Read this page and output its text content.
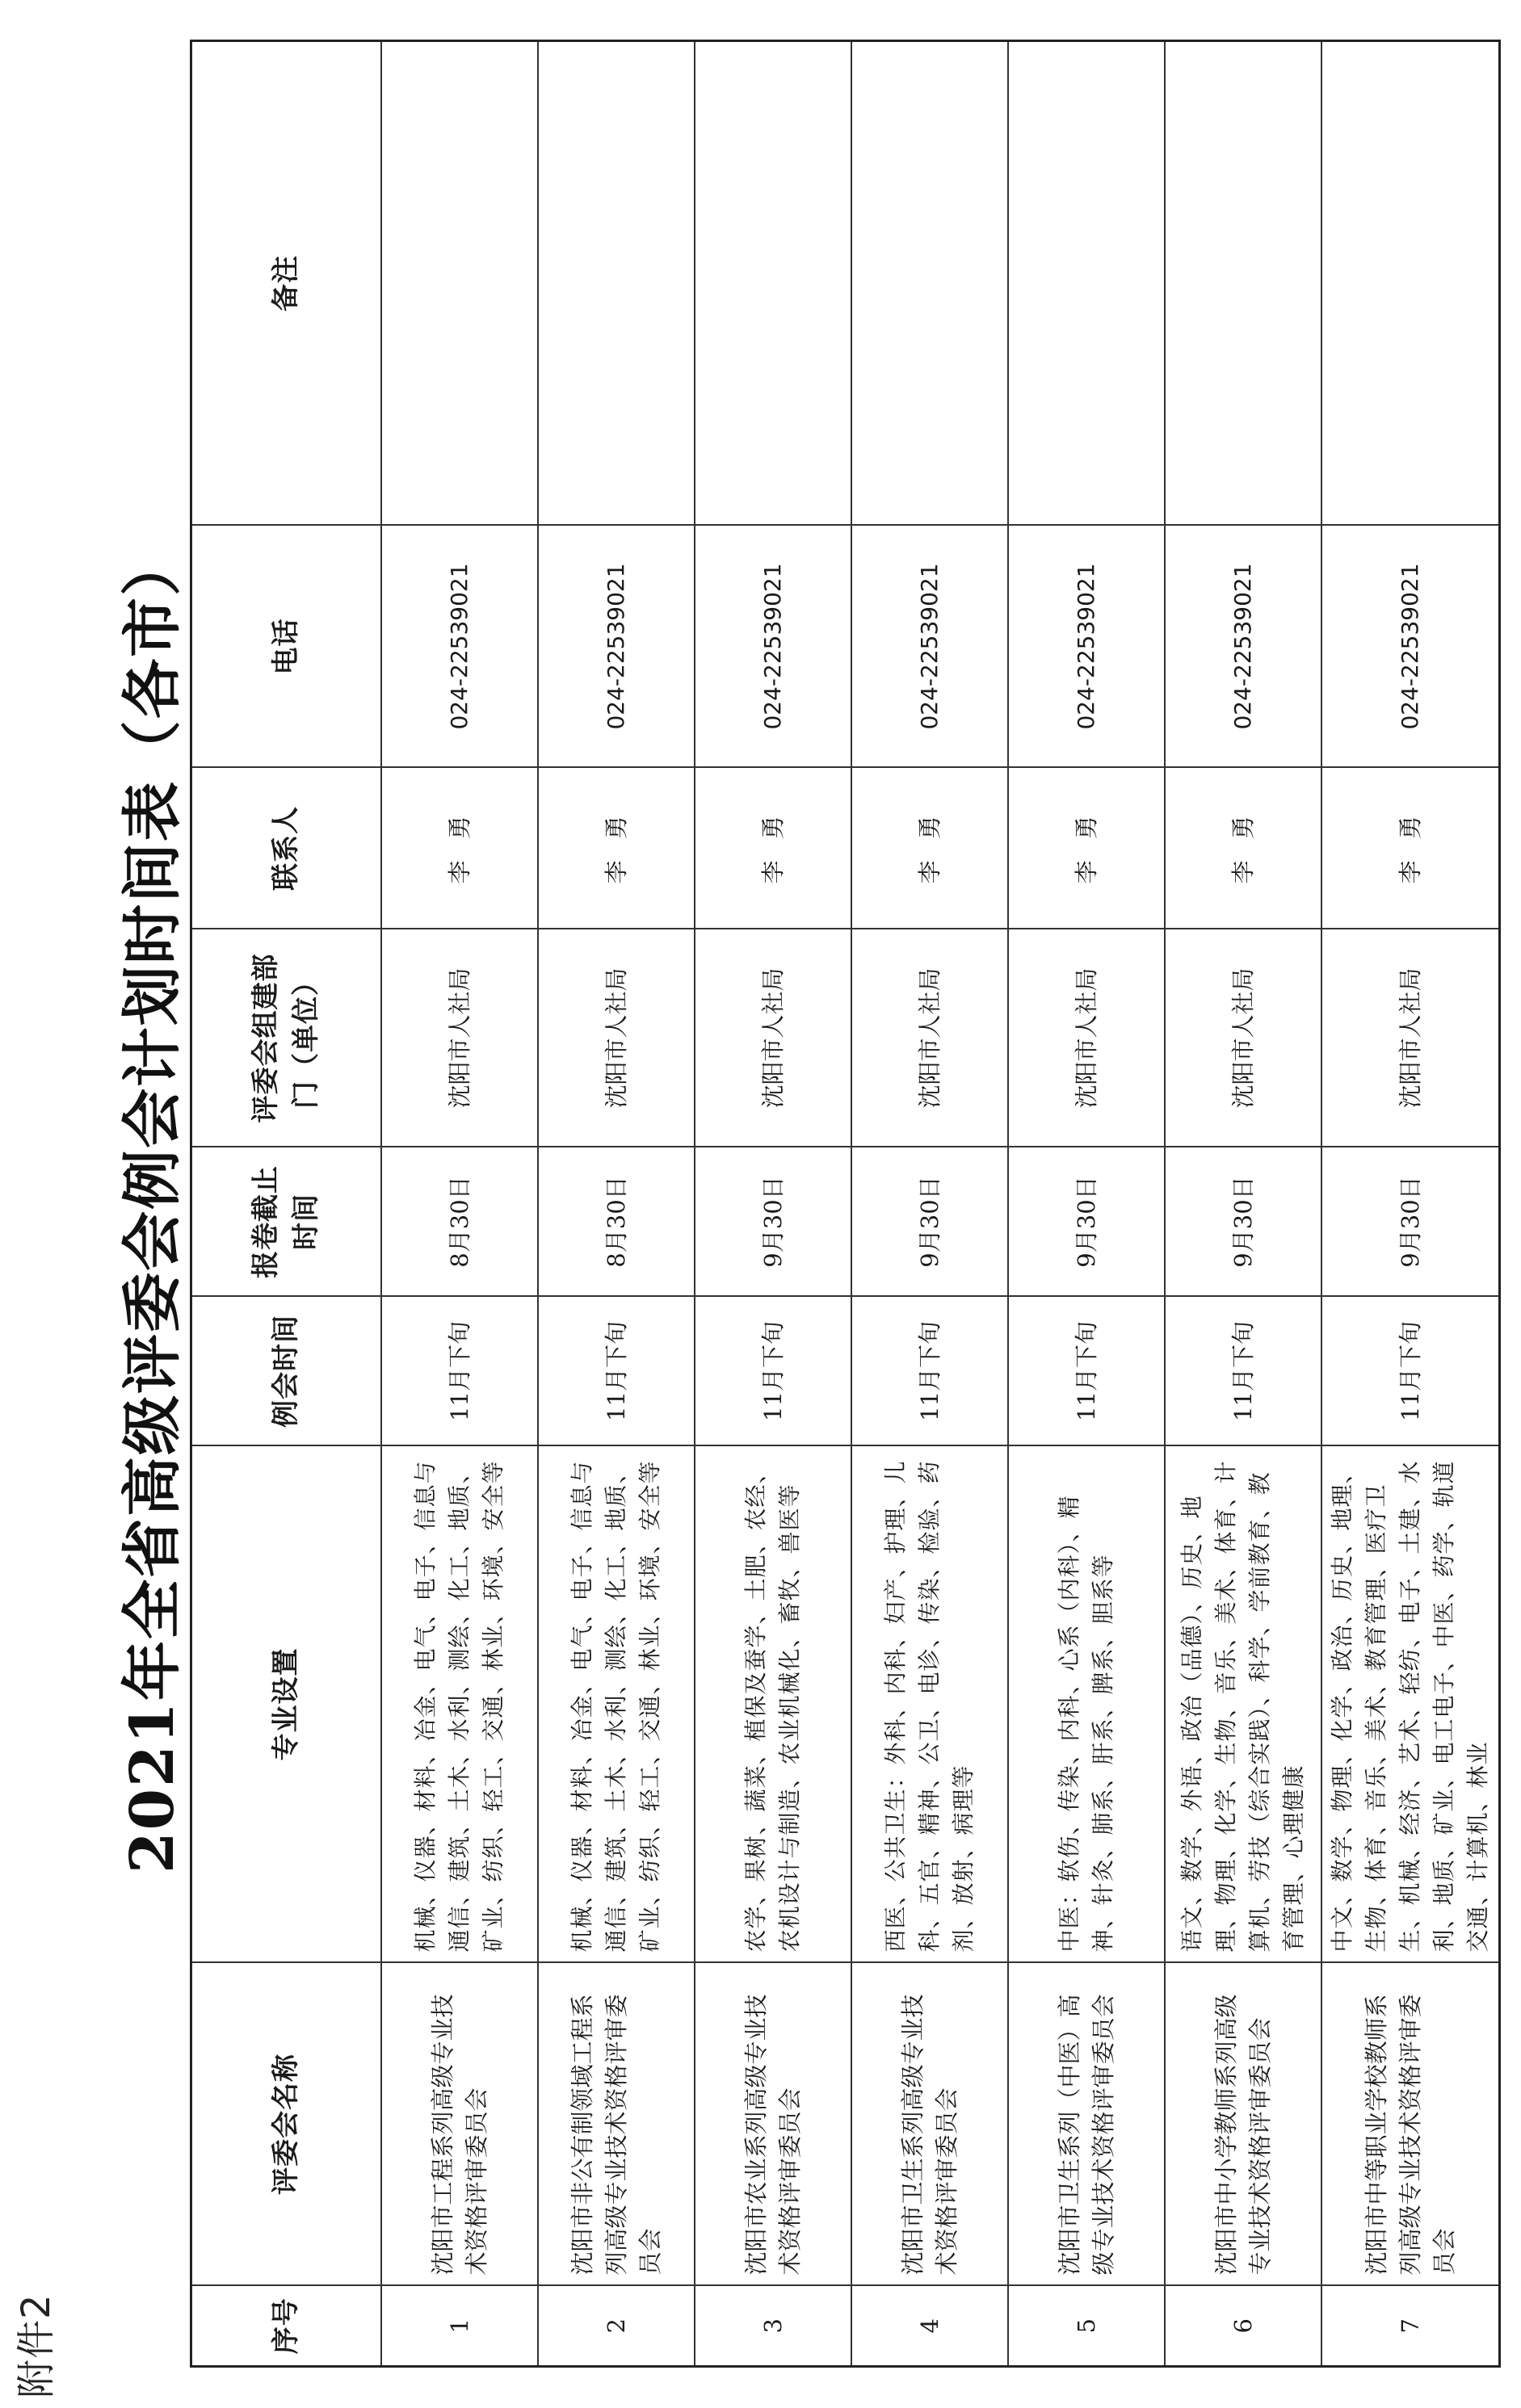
附件2
2021年全省高级评委会例会计划时间表（各市）
序号	评委会名称	专业设置	例会时间	报卷截止时间	评委会组建部门（单位）	联系人	电话	备注
1	沈阳市工程系列高级专业技术资格评审委员会	机械、仪器、材料、冶金、电气、电子、信息与通信、建筑、土木、水利、测绘、化工、地质、矿业、纺织、轻工、交通、林业、环境、安全等	11月下旬	8月30日	沈阳市人社局	李勇	024-22539021	
2	沈阳市非公有制领域工程系列高级专业技术资格评审委员会	机械、仪器、材料、冶金、电气、电子、信息与通信、建筑、土木、水利、测绘、化工、地质、矿业、纺织、轻工、交通、林业、环境、安全等	11月下旬	8月30日	沈阳市人社局	李勇	024-22539021	
3	沈阳市农业系列高级专业技术资格评审委员会	农学、果树、蔬菜、植保及蚕学、土肥、农经、农机设计与制造、农业机械化、畜牧、兽医等	11月下旬	9月30日	沈阳市人社局	李勇	024-22539021	
4	沈阳市卫生系列高级专业技术资格评审委员会	西医、公共卫生：外科、内科、妇产、护理、儿科、五官、精神、公卫、电诊、传染、检验、药剂、放射、病理等	11月下旬	9月30日	沈阳市人社局	李勇	024-22539021	
5	沈阳市卫生系列（中医）高级专业技术资格评审委员会	中医：软伤、传染、内科、心系（内科）、精神、针灸、肺系、肝系、脾系、胆系等	11月下旬	9月30日	沈阳市人社局	李勇	024-22539021	
6	沈阳市中小学教师系列高级专业技术资格评审委员会	语文、数学、外语、政治（品德）、历史、地理、物理、化学、生物、音乐、美术、体育、计算机、劳技（综合实践）、科学、学前教育、教育管理、心理健康	11月下旬	9月30日	沈阳市人社局	李勇	024-22539021	
7	沈阳市中等职业学校教师系列高级专业技术资格评审委员会	中文、数学、物理、化学、政治、历史、地理、生物、体育、音乐、美术、教育管理、医疗卫生、机械、经济、艺术、轻纺、电子、土建、水利、地质、矿业、电工电子、中医、药学、轨道交通、计算机、林业	11月下旬	9月30日	沈阳市人社局	李勇	024-22539021	
